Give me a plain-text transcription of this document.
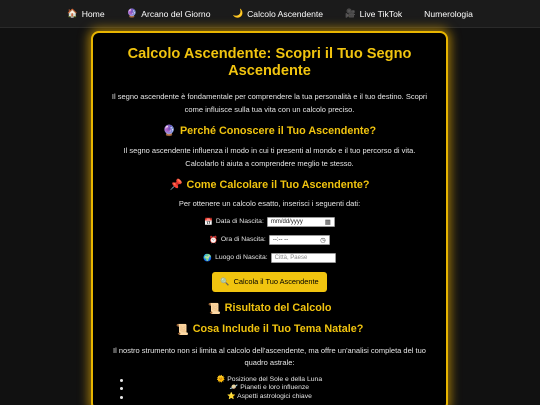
🏠 Home	🔮 Arcano del Giorno	🌙 Calcolo Ascendente	🎥 Live TikTok	Numerologia
Calcolo Ascendente: Scopri il Tuo Segno Ascendente
Il segno ascendente è fondamentale per comprendere la tua personalità e il tuo destino. Scopri come influisce sulla tua vita con un calcolo preciso.
🔮 Perché Conoscere il Tuo Ascendente?
Il segno ascendente influenza il modo in cui ti presenti al mondo e il tuo percorso di vita. Calcolarlo ti aiuta a comprendere meglio te stesso.
📌 Come Calcolare il Tuo Ascendente?
Per ottenere un calcolo esatto, inserisci i seguenti dati:
📅 Data di Nascita: mm/dd/yyyy	▦
⏰ Ora di Nascita: --:-- --	◷
🌍 Luogo di Nascita: Città, Paese
🔍 Calcola il Tuo Ascendente
📜 Risultato del Calcolo
📜 Cosa Include il Tuo Tema Natale?
Il nostro strumento non si limita al calcolo dell'ascendente, ma offre un'analisi completa del tuo quadro astrale:
🌞 Posizione del Sole e della Luna
🪐 Pianeti e loro influenze
⭐ Aspetti astrologici chiave
